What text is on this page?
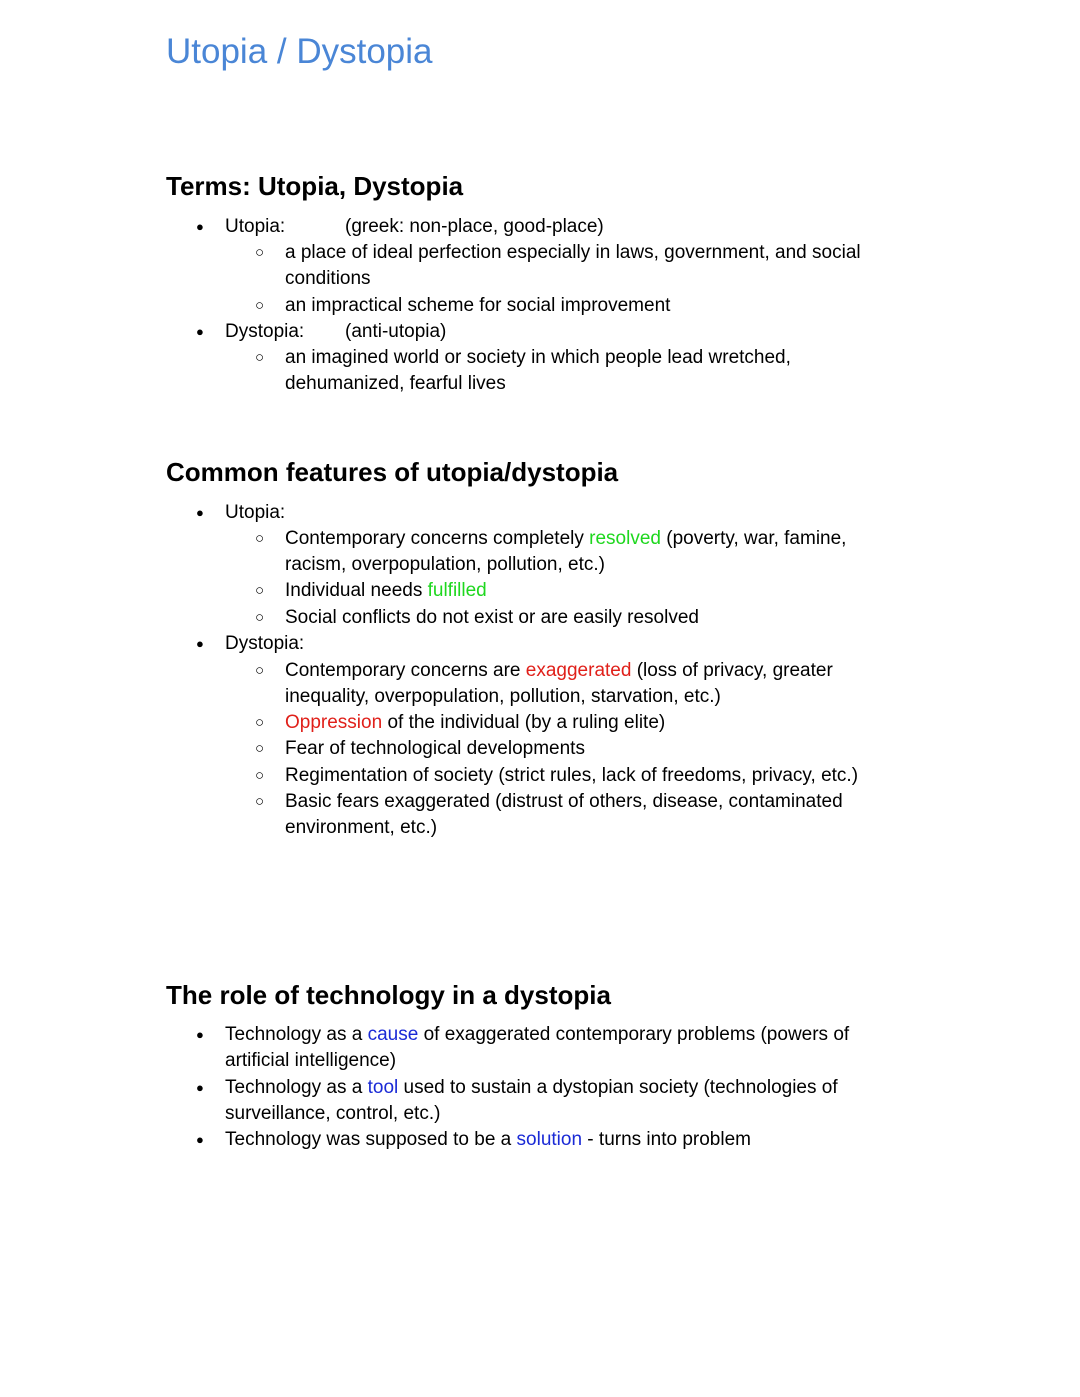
Utopia / Dystopia
Terms: Utopia, Dystopia
● Utopia:	(greek: non-place, good-place)
○ a place of ideal perfection especially in laws, government, and social
conditions
○ an impractical scheme for social improvement
● Dystopia: (anti-utopia)
○ an imagined world or society in which people lead wretched,
dehumanized, fearful lives
Common features of utopia/dystopia
● Utopia:
○ Contemporary concerns completely resolved (poverty, war, famine,
racism, overpopulation, pollution, etc.)
○ Individual needs fulfilled
○ Social conflicts do not exist or are easily resolved
● Dystopia:
○ Contemporary concerns are exaggerated (loss of privacy, greater
inequality, overpopulation, pollution, starvation, etc.)
○ Oppression of the individual (by a ruling elite)
○ Fear of technological developments
○ Regimentation of society (strict rules, lack of freedoms, privacy, etc.)
○ Basic fears exaggerated (distrust of others, disease, contaminated
environment, etc.)
The role of technology in a dystopia
● Technology as a cause of exaggerated contemporary problems (powers of
artificial intelligence)
● Technology as a tool used to sustain a dystopian society (technologies of
surveillance, control, etc.)
● Technology was supposed to be a solution - turns into problem
